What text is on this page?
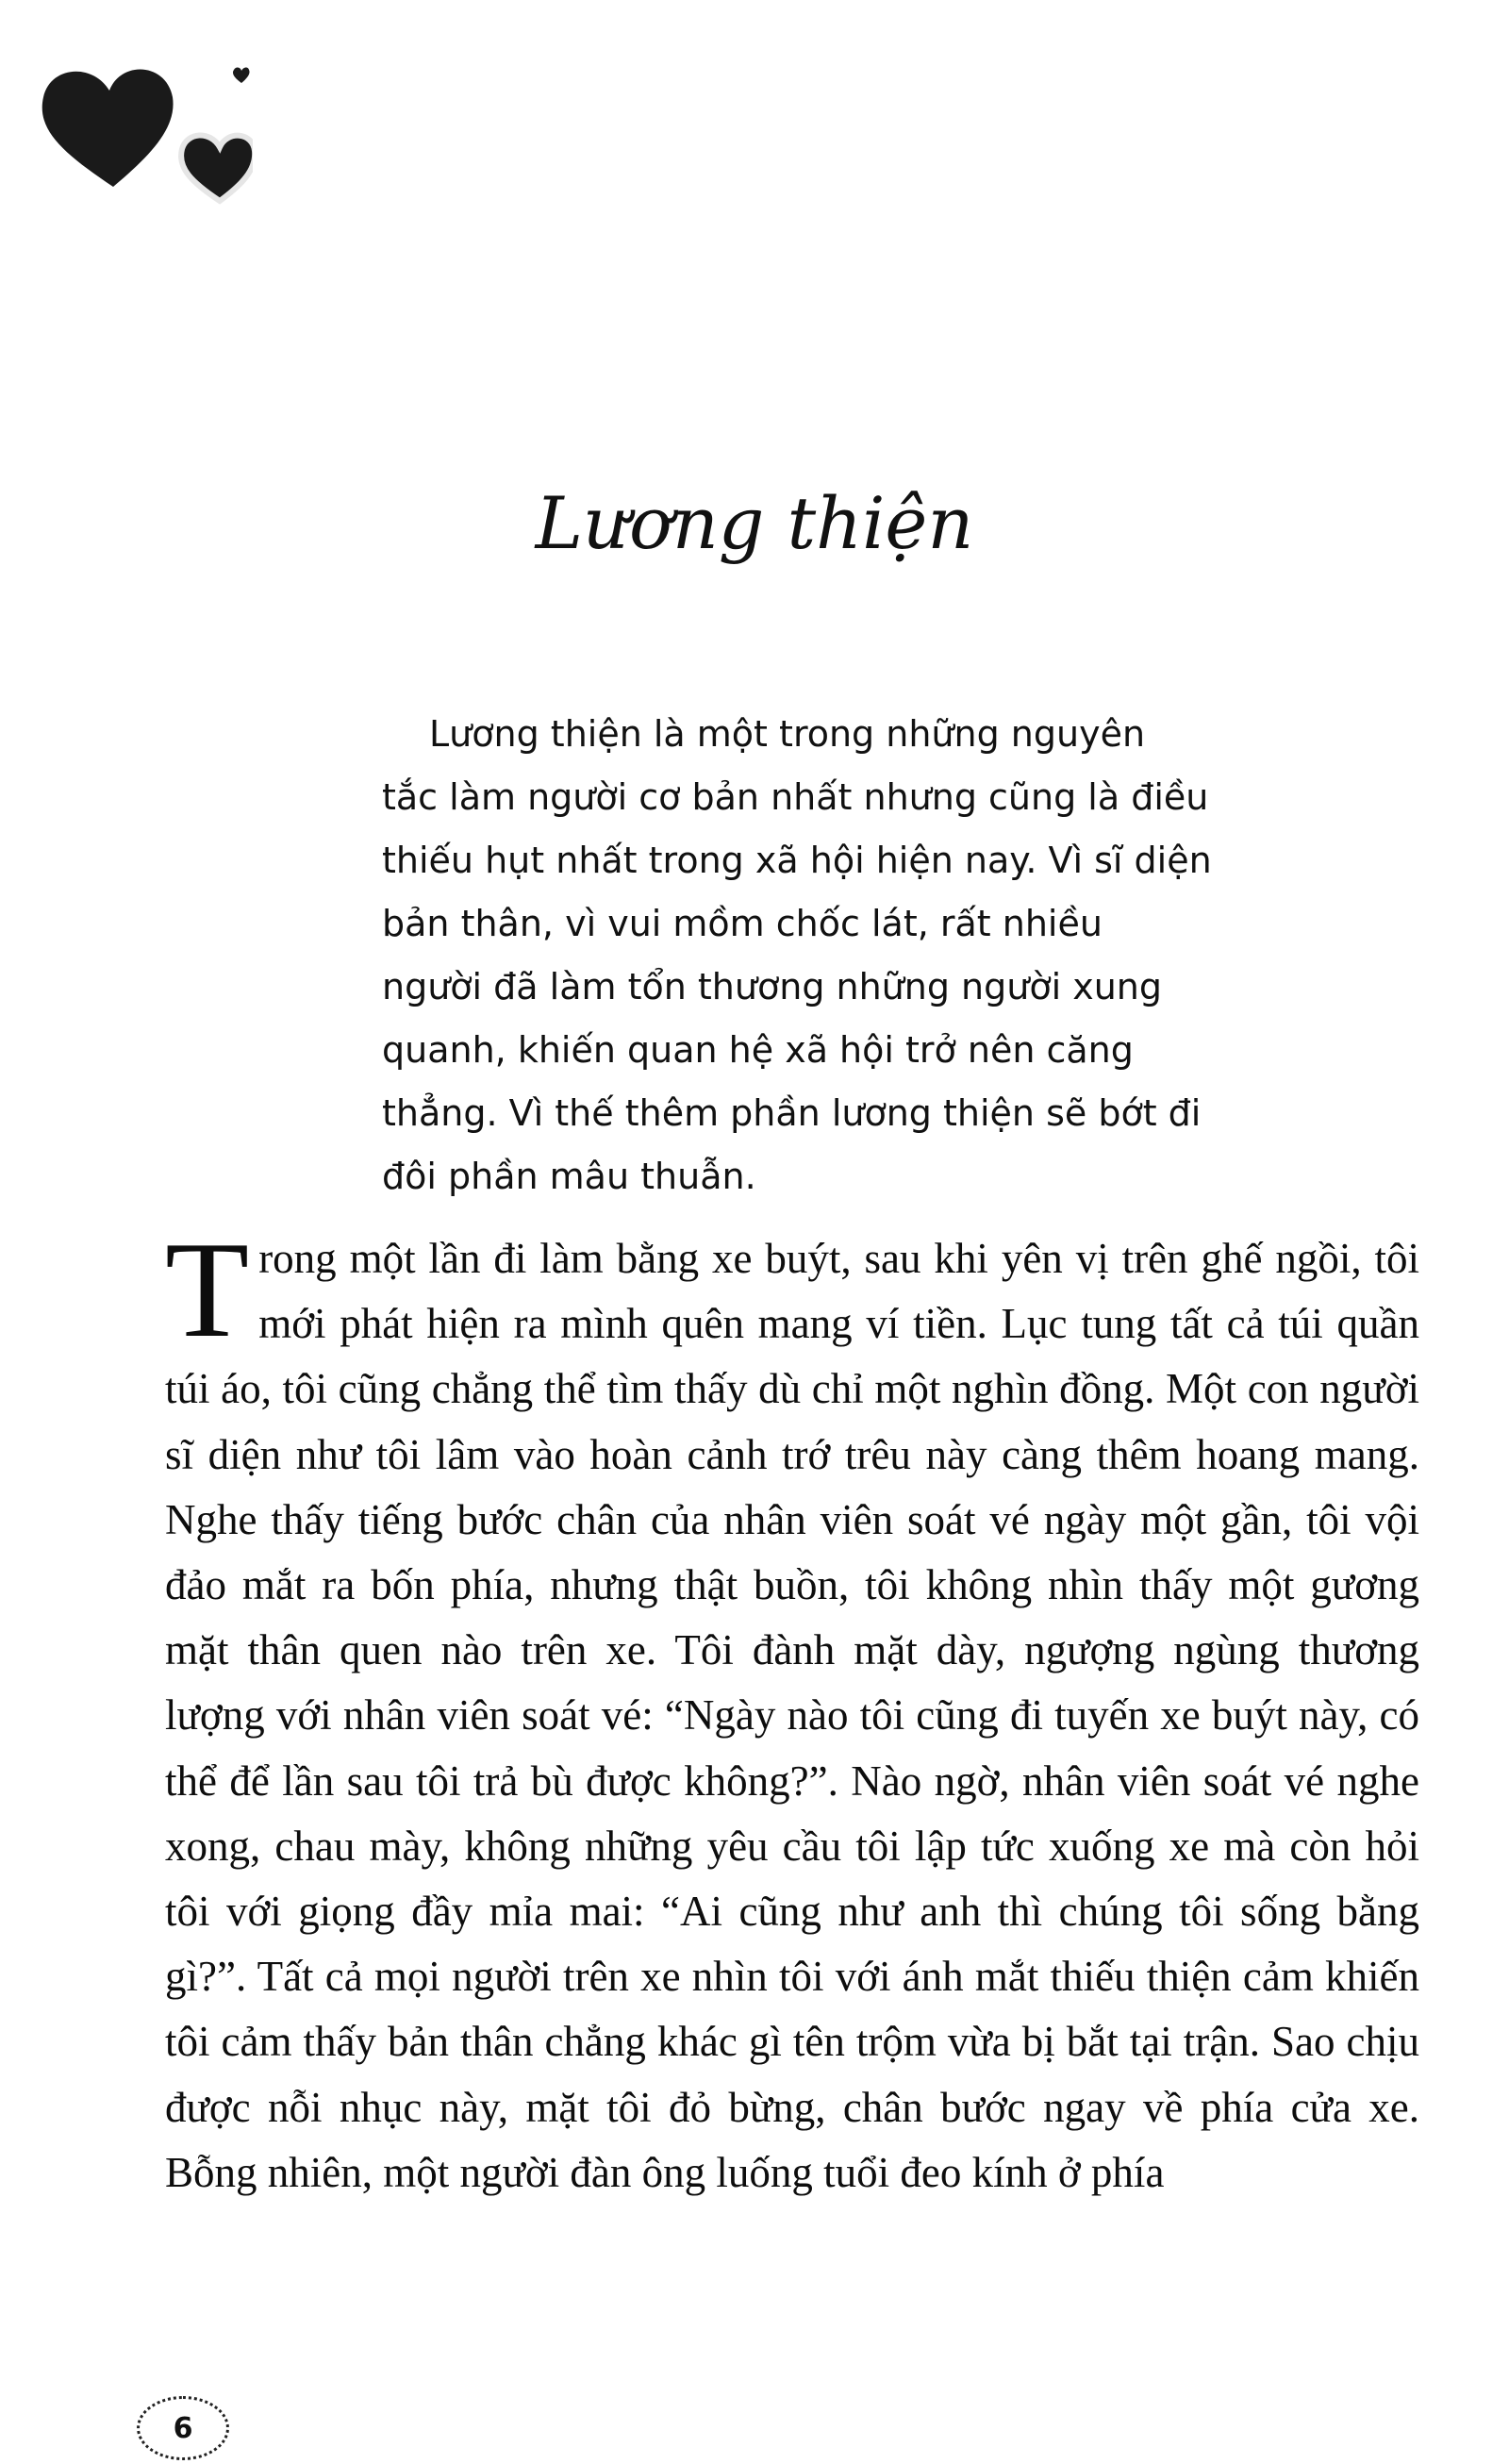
Lương thiện

Lương thiện là một trong những nguyên tắc làm người cơ bản nhất nhưng cũng là điều thiếu hụt nhất trong xã hội hiện nay. Vì sĩ diện bản thân, vì vui mồm chốc lát, rất nhiều người đã làm tổn thương những người xung quanh, khiến quan hệ xã hội trở nên căng thẳng. Vì thế thêm phần lương thiện sẽ bớt đi đôi phần mâu thuẫn.

T rong một lần đi làm bằng xe buýt, sau khi yên vị trên ghế ngồi, tôi mới phát hiện ra mình quên mang ví tiền. Lục tung tất cả túi quần túi áo, tôi cũng chẳng thể tìm thấy dù chỉ một nghìn đồng. Một con người sĩ diện như tôi lâm vào hoàn cảnh trớ trêu này càng thêm hoang mang. Nghe thấy tiếng bước chân của nhân viên soát vé ngày một gần, tôi vội đảo mắt ra bốn phía, nhưng thật buồn, tôi không nhìn thấy một gương mặt thân quen nào trên xe. Tôi đành mặt dày, ngượng ngùng thương lượng với nhân viên soát vé: “Ngày nào tôi cũng đi tuyến xe buýt này, có thể để lần sau tôi trả bù được không?”. Nào ngờ, nhân viên soát vé nghe xong, chau mày, không những yêu cầu tôi lập tức xuống xe mà còn hỏi tôi với giọng đầy mỉa mai: “Ai cũng như anh thì chúng tôi sống bằng gì?”. Tất cả mọi người trên xe nhìn tôi với ánh mắt thiếu thiện cảm khiến tôi cảm thấy bản thân chẳng khác gì tên trộm vừa bị bắt tại trận. Sao chịu được nỗi nhục này, mặt tôi đỏ bừng, chân bước ngay về phía cửa xe. Bỗng nhiên, một người đàn ông luống tuổi đeo kính ở phía

6
